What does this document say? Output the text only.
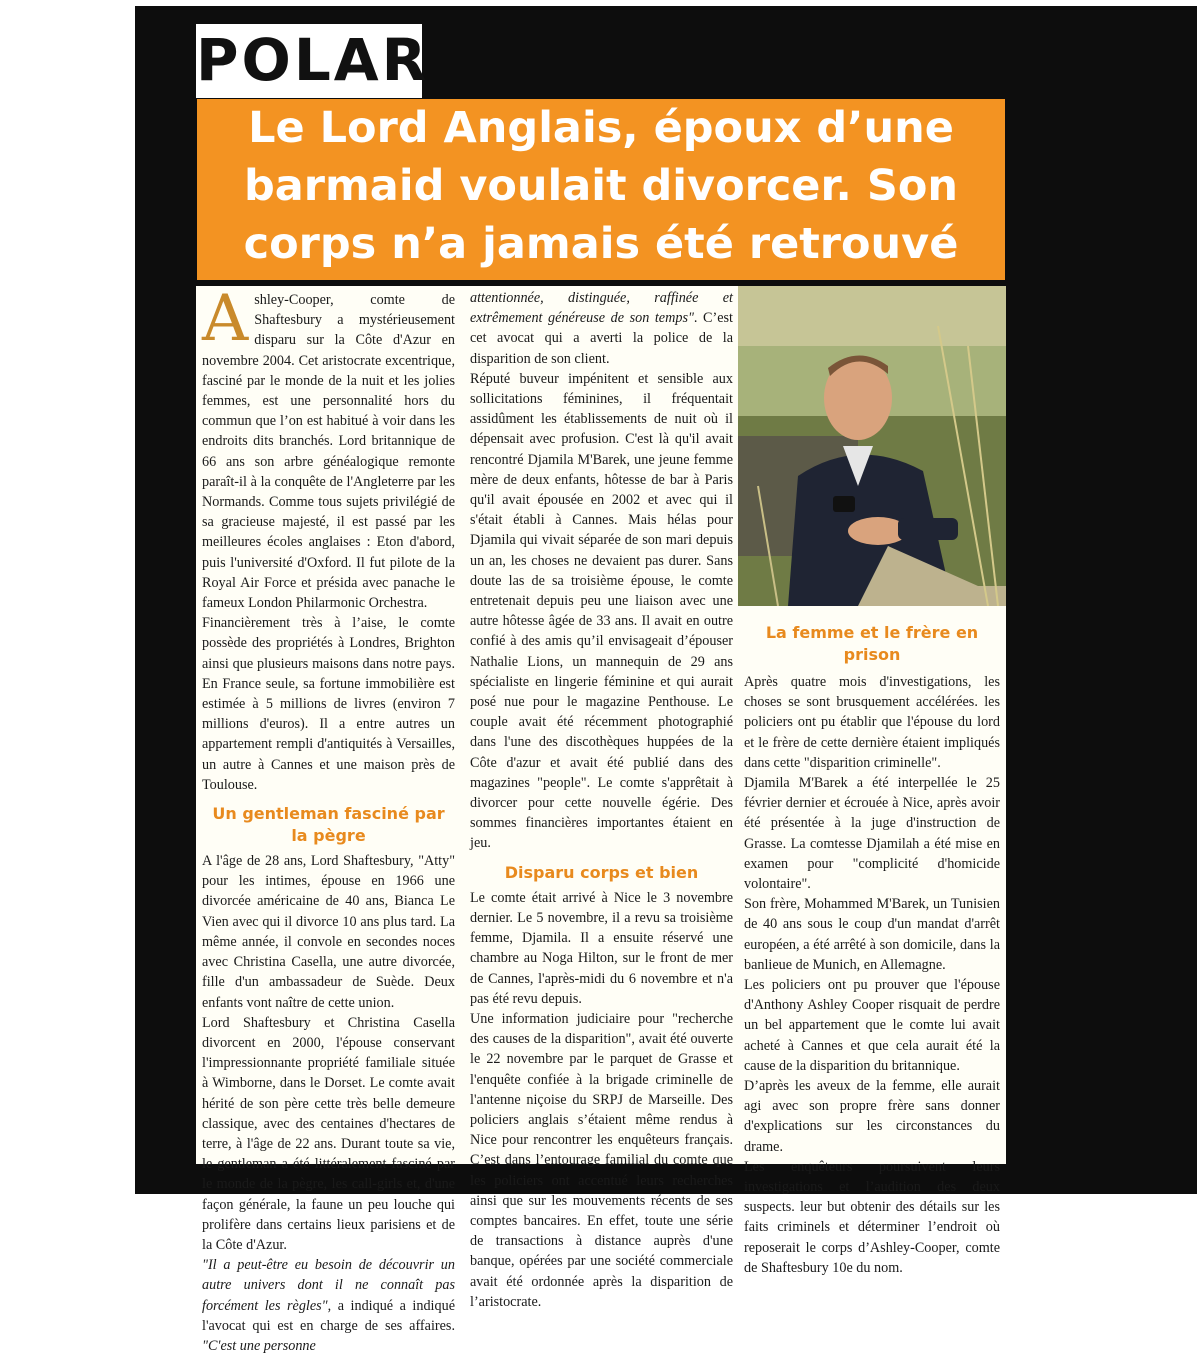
POLAR
Le Lord Anglais, époux d’une
barmaid voulait divorcer. Son
corps n’a jamais été retrouvé

Ashley-Cooper, comte de Shaftesbury a mystérieusement disparu sur la Côte d'Azur en novembre 2004. Cet aristocrate excentrique, fasciné par le monde de la nuit et les jolies femmes, est une personnalité hors du commun que l’on est habitué à voir dans les endroits dits branchés. Lord britannique de 66 ans son arbre généalogique remonte paraît-il à la conquête de l'Angleterre par les Normands. Comme tous sujets privilégié de sa gracieuse majesté, il est passé par les meilleures écoles anglaises : Eton d'abord, puis l'université d'Oxford. Il fut pilote de la Royal Air Force et présida avec panache le fameux London Philarmonic Orchestra.

Financièrement très à l’aise, le comte possède des propriétés à Londres, Brighton ainsi que plusieurs maisons dans notre pays. En France seule, sa fortune immobilière est estimée à 5 millions de livres (environ 7 millions d'euros). Il a entre autres un appartement rempli d'antiquités à Versailles, un autre à Cannes et une maison près de Toulouse.

Un gentleman fasciné par la pègre

A l'âge de 28 ans, Lord Shaftesbury, "Atty" pour les intimes, épouse en 1966 une divorcée américaine de 40 ans, Bianca Le Vien avec qui il divorce 10 ans plus tard. La même année, il convole en secondes noces avec Christina Casella, une autre divorcée, fille d'un ambassadeur de Suède. Deux enfants vont naître de cette union.

Lord Shaftesbury et Christina Casella divorcent en 2000, l'épouse conservant l'impressionnante propriété familiale située à Wimborne, dans le Dorset. Le comte avait hérité de son père cette très belle demeure classique, avec des centaines d'hectares de terre, à l'âge de 22 ans. Durant toute sa vie, le gentleman a été littéralement fasciné par le monde de la pègre, les call-girls et, d'une façon générale, la faune un peu louche qui prolifère dans certains lieux parisiens et de la Côte d'Azur.

"Il a peut-être eu besoin de découvrir un autre univers dont il ne connaît pas forcément les règles", a indiqué a indiqué l'avocat qui est en charge de ses affaires. "C'est une personne

attentionnée, distinguée, raffinée et extrêmement généreuse de son temps". C’est cet avocat qui a averti la police de la disparition de son client.

Réputé buveur impénitent et sensible aux sollicitations féminines, il fréquentait assidûment les établissements de nuit où il dépensait avec profusion. C'est là qu'il avait rencontré Djamila M'Barek, une jeune femme mère de deux enfants, hôtesse de bar à Paris qu'il avait épousée en 2002 et avec qui il s'était établi à Cannes. Mais hélas pour Djamila qui vivait séparée de son mari depuis un an, les choses ne devaient pas durer. Sans doute las de sa troisième épouse, le comte entretenait depuis peu une liaison avec une autre hôtesse âgée de 33 ans. Il avait en outre confié à des amis qu’il envisageait d’épouser Nathalie Lions, un mannequin de 29 ans spécialiste en lingerie féminine et qui aurait posé nue pour le magazine Penthouse. Le couple avait été récemment photographié dans l'une des discothèques huppées de la Côte d'azur et avait été publié dans des magazines "people". Le comte s'apprêtait à divorcer pour cette nouvelle égérie. Des sommes financières importantes étaient en jeu.

Disparu corps et bien

Le comte était arrivé à Nice le 3 novembre dernier. Le 5 novembre, il a revu sa troisième femme, Djamila. Il a ensuite réservé une chambre au Noga Hilton, sur le front de mer de Cannes, l'après-midi du 6 novembre et n'a pas été revu depuis.

Une information judiciaire pour "recherche des causes de la disparition", avait été ouverte le 22 novembre par le parquet de Grasse et l'enquête confiée à la brigade criminelle de l'antenne niçoise du SRPJ de Marseille. Des policiers anglais s’étaient même rendus à Nice pour rencontrer les enquêteurs français. C’est dans l’entourage familial du comte que les policiers ont accentué leurs recherches ainsi que sur les mouvements récents de ses comptes bancaires. En effet, toute une série de transactions à distance auprès d'une banque, opérées par une société commerciale avait été ordonnée après la disparition de l’aristocrate.

La femme et le frère en prison

Après quatre mois d'investigations, les choses se sont brusquement accélérées. les policiers ont pu établir que l'épouse du lord et le frère de cette dernière étaient impliqués dans cette "disparition criminelle".

Djamila M'Barek a été interpellée le 25 février dernier et écrouée à Nice, après avoir été présentée à la juge d'instruction de Grasse. La comtesse Djamilah a été mise en examen pour "complicité d'homicide volontaire".

Son frère, Mohammed M'Barek, un Tunisien de 40 ans sous le coup d'un mandat d'arrêt européen, a été arrêté à son domicile, dans la banlieue de Munich, en Allemagne.

Les policiers ont pu prouver que l'épouse d'Anthony Ashley Cooper risquait de perdre un bel appartement que le comte lui avait acheté à Cannes et que cela aurait été la cause de la disparition du britannique.

D’après les aveux de la femme, elle aurait agi avec son propre frère sans donner d'explications sur les circonstances du drame.

Les enquêteurs poursuivent leurs investigations et l’audition des deux suspects. leur but obtenir des détails sur les faits criminels et déterminer l’endroit où reposerait le corps d’Ashley-Cooper, comte de Shaftesbury 10e du nom.
